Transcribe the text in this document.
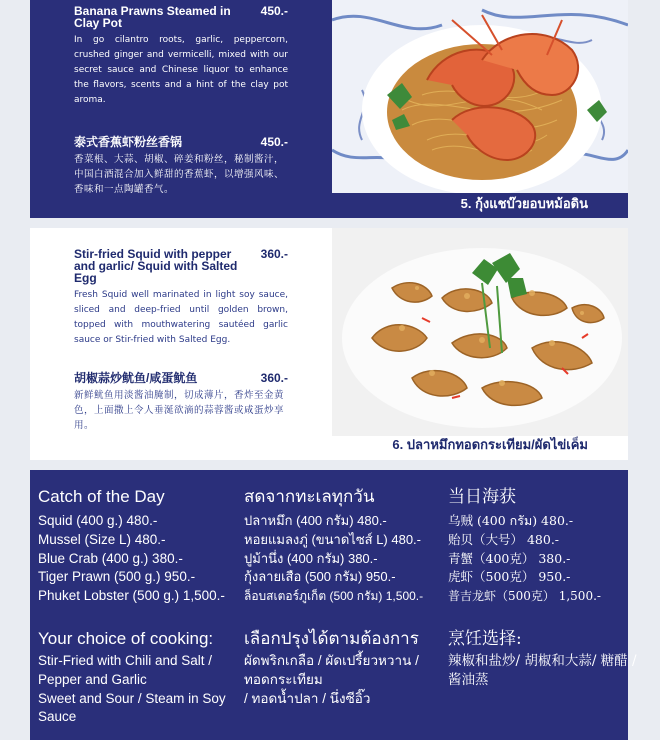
Banana Prawns Steamed in Clay Pot
450.-
In go cilantro roots, garlic, peppercorn, crushed ginger and vermicelli, mixed with our secret sauce and Chinese liquor to enhance the flavors, scents and a hint of the clay pot aroma.
泰式香蕉虾粉丝香锅	450.-
香菜根、大蒜、胡椒、碎姜和粉丝，秘制酱汁，中国白酒混合加入鲜甜的香蕉虾，以增强风味、香味和一点陶罐香气。
5. กุ้งแชบ๊วยอบหม้อดิน
Stir-fried Squid with pepper and garlic/ Squid with Salted Egg
360.-
Fresh Squid well marinated in light soy sauce, sliced and deep-fried until golden brown, topped with mouthwatering sautéed garlic sauce or Stir-fried with Salted Egg.
胡椒蒜炒鱿鱼/咸蛋鱿鱼	360.-
新鲜鱿鱼用淡酱油腌制，切成薄片，香炸至金黄色，上面撒上令人垂涎欲滴的蒜蓉酱或咸蛋炒享用。
6. ปลาหมึกทอดกระเทียม/ผัดไข่เค็ม
Catch of the Day
Squid (400 g.) 480.-
Mussel (Size L) 480.-
Blue Crab (400 g.) 380.-
Tiger Prawn (500 g.) 950.-
Phuket Lobster (500 g.) 1,500.-
Your choice of cooking:
Stir-Fried with Chili and Salt / Pepper and Garlic
Sweet and Sour / Steam in Soy Sauce
สดจากทะเลทุกวัน
ปลาหมึก (400 กรัม) 480.-
หอยแมลงภู่ (ขนาดไซส์ L) 480.-
ปูม้านึ่ง (400 กรัม) 380.-
กุ้งลายเสือ (500 กรัม) 950.-
ล็อบสเตอร์ภูเก็ต (500 กรัม) 1,500.-
เลือกปรุงได้ตามต้องการ
ผัดพริกเกลือ / ผัดเปรี้ยวหวาน / ทอดกระเทียม
/ ทอดน้ำปลา / นึ่งซีอิ๊ว
当日海获
乌贼 (400 กรัม) 480.-
贻贝（大号） 480.-
青蟹（400克） 380.-
虎虾（500克） 950.-
普吉龙虾（500克） 1,500.-
烹饪选择:
辣椒和盐炒/ 胡椒和大蒜/ 糖醋 / 酱油蒸
